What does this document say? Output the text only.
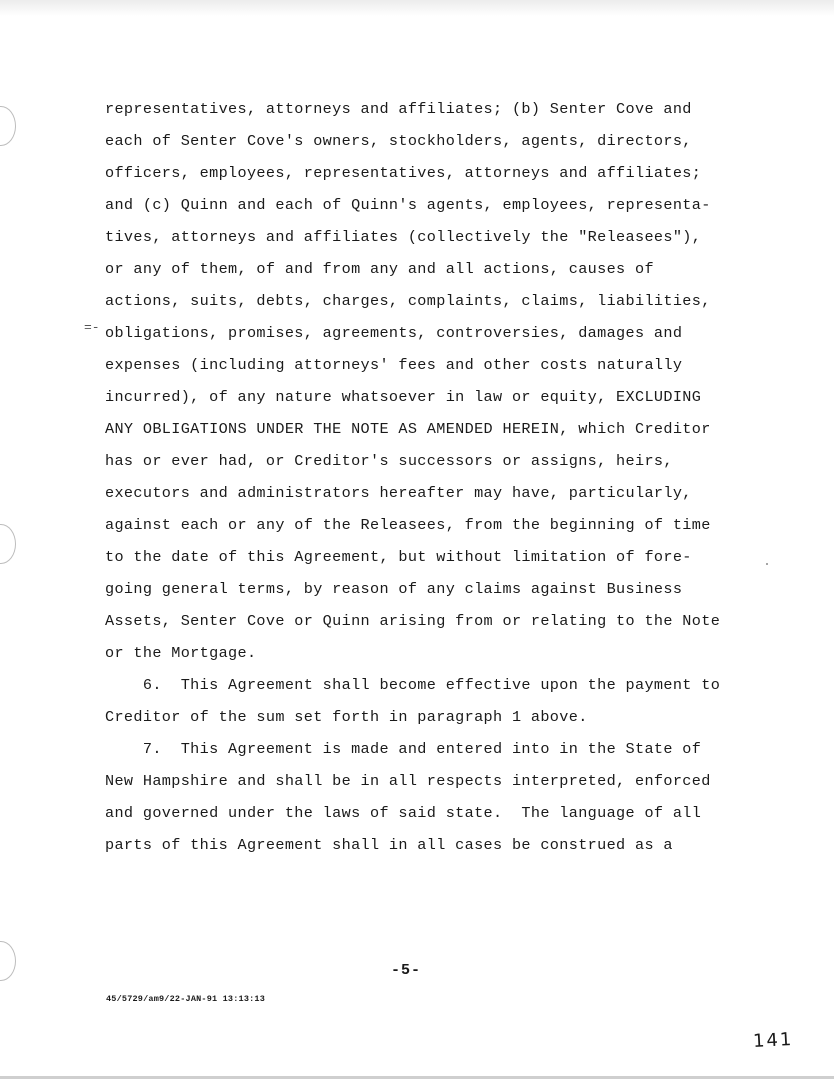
=-
representatives, attorneys and affiliates; (b) Senter Cove and
each of Senter Cove's owners, stockholders, agents, directors,
officers, employees, representatives, attorneys and affiliates;
and (c) Quinn and each of Quinn's agents, employees, representa-
tives, attorneys and affiliates (collectively the "Releasees"),
or any of them, of and from any and all actions, causes of
actions, suits, debts, charges, complaints, claims, liabilities,
obligations, promises, agreements, controversies, damages and
expenses (including attorneys' fees and other costs naturally
incurred), of any nature whatsoever in law or equity, EXCLUDING
ANY OBLIGATIONS UNDER THE NOTE AS AMENDED HEREIN, which Creditor
has or ever had, or Creditor's successors or assigns, heirs,
executors and administrators hereafter may have, particularly,
against each or any of the Releasees, from the beginning of time
to the date of this Agreement, but without limitation of fore-
going general terms, by reason of any claims against Business
Assets, Senter Cove or Quinn arising from or relating to the Note
or the Mortgage.
6.  This Agreement shall become effective upon the payment to
Creditor of the sum set forth in paragraph 1 above.
7.  This Agreement is made and entered into in the State of
New Hampshire and shall be in all respects interpreted, enforced
and governed under the laws of said state.  The language of all
parts of this Agreement shall in all cases be construed as a
-5-
45/5729/am9/22-JAN-91 13:13:13
141
